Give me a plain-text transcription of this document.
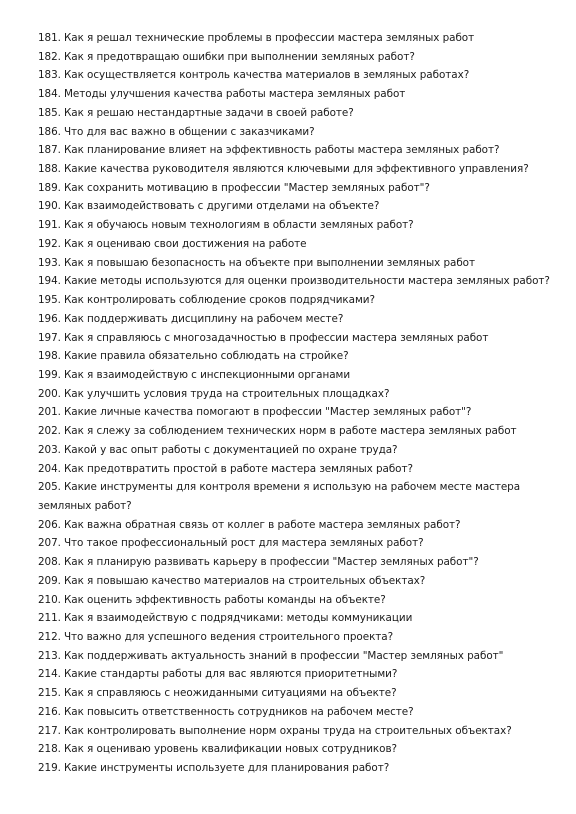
181. Как я решал технические проблемы в профессии мастера земляных работ
182. Как я предотвращаю ошибки при выполнении земляных работ?
183. Как осуществляется контроль качества материалов в земляных работах?
184. Методы улучшения качества работы мастера земляных работ
185. Как я решаю нестандартные задачи в своей работе?
186. Что для вас важно в общении с заказчиками?
187. Как планирование влияет на эффективность работы мастера земляных работ?
188. Какие качества руководителя являются ключевыми для эффективного управления?
189. Как сохранить мотивацию в профессии "Мастер земляных работ"?
190. Как взаимодействовать с другими отделами на объекте?
191. Как я обучаюсь новым технологиям в области земляных работ?
192. Как я оцениваю свои достижения на работе
193. Как я повышаю безопасность на объекте при выполнении земляных работ
194. Какие методы используются для оценки производительности мастера земляных работ?
195. Как контролировать соблюдение сроков подрядчиками?
196. Как поддерживать дисциплину на рабочем месте?
197. Как я справляюсь с многозадачностью в профессии мастера земляных работ
198. Какие правила обязательно соблюдать на стройке?
199. Как я взаимодействую с инспекционными органами
200. Как улучшить условия труда на строительных площадках?
201. Какие личные качества помогают в профессии "Мастер земляных работ"?
202. Как я слежу за соблюдением технических норм в работе мастера земляных работ
203. Какой у вас опыт работы с документацией по охране труда?
204. Как предотвратить простой в работе мастера земляных работ?
205. Какие инструменты для контроля времени я использую на рабочем месте мастера земляных работ?
206. Как важна обратная связь от коллег в работе мастера земляных работ?
207. Что такое профессиональный рост для мастера земляных работ?
208. Как я планирую развивать карьеру в профессии "Мастер земляных работ"?
209. Как я повышаю качество материалов на строительных объектах?
210. Как оценить эффективность работы команды на объекте?
211. Как я взаимодействую с подрядчиками: методы коммуникации
212. Что важно для успешного ведения строительного проекта?
213. Как поддерживать актуальность знаний в профессии "Мастер земляных работ"
214. Какие стандарты работы для вас являются приоритетными?
215. Как я справляюсь с неожиданными ситуациями на объекте?
216. Как повысить ответственность сотрудников на рабочем месте?
217. Как контролировать выполнение норм охраны труда на строительных объектах?
218. Как я оцениваю уровень квалификации новых сотрудников?
219. Какие инструменты используете для планирования работ?
